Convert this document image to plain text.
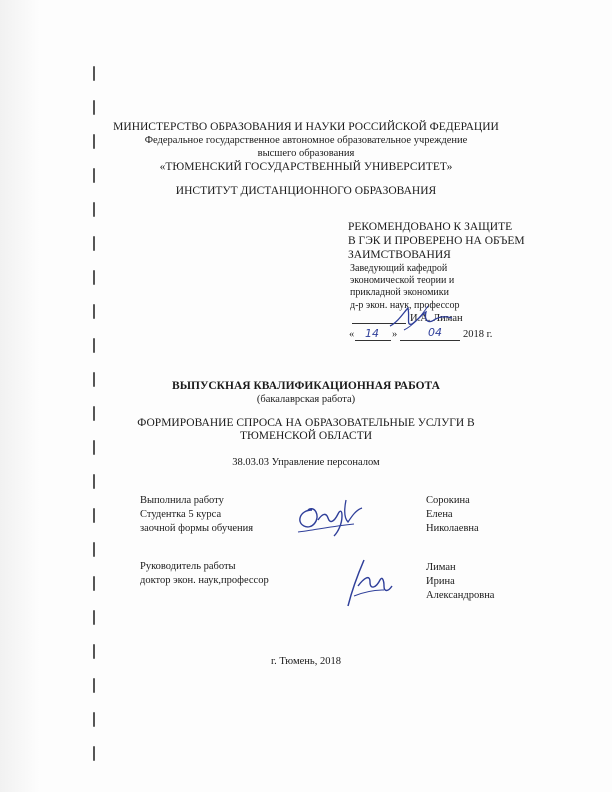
МИНИСТЕРСТВО ОБРАЗОВАНИЯ И НАУКИ РОССИЙСКОЙ ФЕДЕРАЦИИ
Федеральное государственное автономное образовательное учреждение
высшего образования
«ТЮМЕНСКИЙ ГОСУДАРСТВЕННЫЙ УНИВЕРСИТЕТ»
ИНСТИТУТ ДИСТАНЦИОННОГО ОБРАЗОВАНИЯ
РЕКОМЕНДОВАНО К ЗАЩИТЕ
В ГЭК И ПРОВЕРЕНО НА ОБЪЕМ
ЗАИМСТВОВАНИЯ
Заведующий кафедрой
экономической теории и
прикладной экономики
д-р экон. наук, профессор
И.А. Лиман
« 14 »	04 2018 г.
ВЫПУСКНАЯ КВАЛИФИКАЦИОННАЯ РАБОТА
(бакалаврская работа)
ФОРМИРОВАНИЕ СПРОСА НА ОБРАЗОВАТЕЛЬНЫЕ УСЛУГИ В
ТЮМЕНСКОЙ ОБЛАСТИ
38.03.03 Управление персоналом
Выполнила работу
Студентка 5 курса
заочной формы обучения
Сорокина
Елена
Николаевна
Руководитель работы
доктор экон. наук,профессор
Лиман
Ирина
Александровна
г. Тюмень, 2018
